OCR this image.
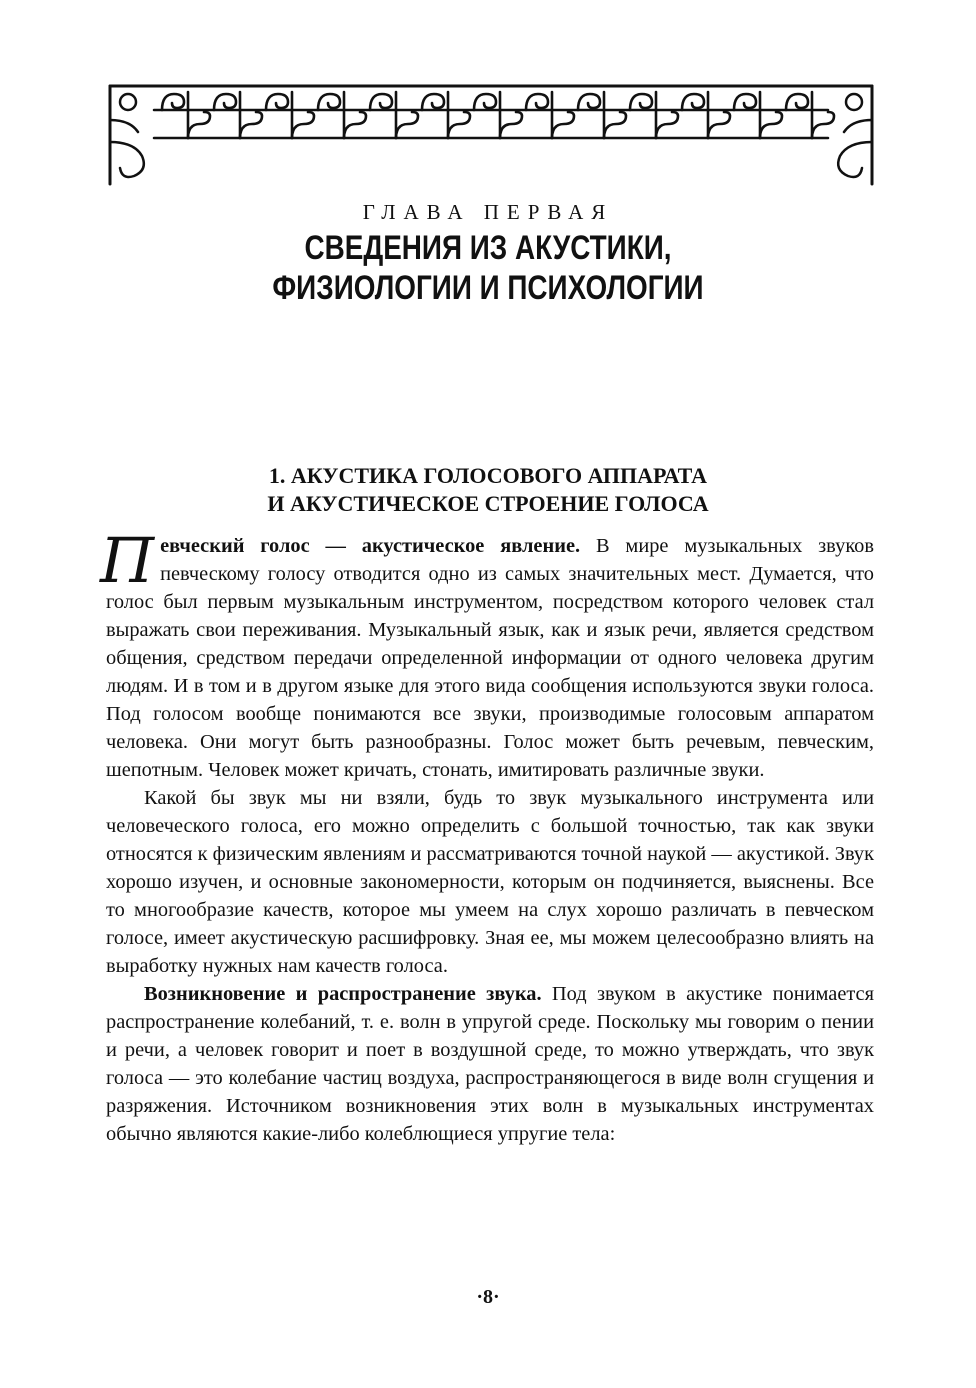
ГЛАВА ПЕРВАЯ
СВЕДЕНИЯ ИЗ АКУСТИКИ,
ФИЗИОЛОГИИ И ПСИХОЛОГИИ
1. АКУСТИКА ГОЛОСОВОГО АППАРАТА
И АКУСТИЧЕСКОЕ СТРОЕНИЕ ГОЛОСА

Певческий голос — акустическое явление. В мире музыкальных звуков певческому голосу отводится одно из самых значительных мест. Думается, что голос был первым музыкальным инструментом, посредством которого человек стал выражать свои переживания. Музыкальный язык, как и язык речи, является средством общения, средством передачи определенной информации от одного человека другим людям. И в том и в другом языке для этого вида сообщения используются звуки голоса. Под голосом вообще понимаются все звуки, производимые голосовым аппаратом человека. Они могут быть разнообразны. Голос может быть речевым, певческим, шепотным. Человек может кричать, стонать, имитировать различные звуки.

Какой бы звук мы ни взяли, будь то звук музыкального инструмента или человеческого голоса, его можно определить с большой точностью, так как звуки относятся к физическим явлениям и рассматриваются точной наукой — акустикой. Звук хорошо изучен, и основные закономерности, которым он подчиняется, выяснены. Все то многообразие качеств, которое мы умеем на слух хорошо различать в певческом голосе, имеет акустическую расшифровку. Зная ее, мы можем целесообразно влиять на выработку нужных нам качеств голоса.

Возникновение и распространение звука. Под звуком в акустике понимается распространение колебаний, т. е. волн в упругой среде. Поскольку мы говорим о пении и речи, а человек говорит и поет в воздушной среде, то можно утверждать, что звук голоса — это колебание частиц воздуха, распространяющегося в виде волн сгущения и разряжения. Источником возникновения этих волн в музыкальных инструментах обычно являются какие-либо колеблющиеся упругие тела:

·8·
